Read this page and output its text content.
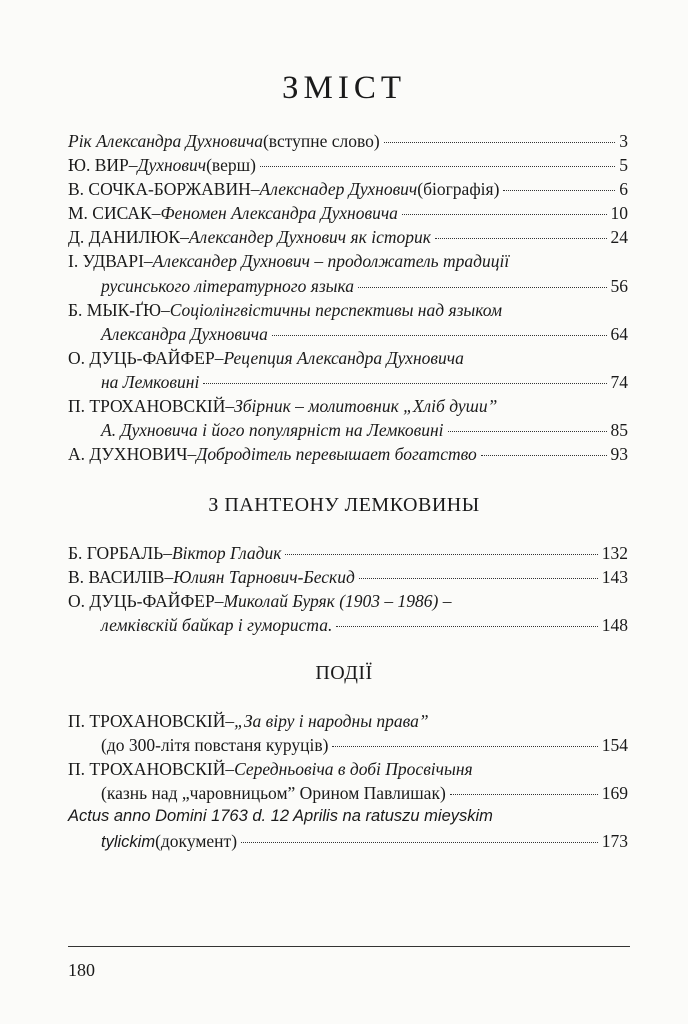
ЗМІСТ
Рік Александра Духновича (вступне слово)	3
Ю. ВИР – Духнович (верш)	5
В. СОЧКА-БОРЖАВИН – Алекснадер Духнович (біографія)	6
М. СИСАК – Феномен Александра Духновича	10
Д. ДАНИЛЮК – Александер Духнович як історик	24
І. УДВАРІ – Александер Духнович – продолжатель традиції
русинського літературного языка	56
Б. МЫК-ҐЮ – Соціолінгвістичны перспективы над языком
Александра Духновича	64
О. ДУЦЬ-ФАЙФЕР – Рецепция Александра Духновича
на Лемковині	74
П. ТРОХАНОВСКІЙ – Збірник – молитовник „Хліб души”
А. Духновича і його популярніст на Лемковині	85
А. ДУХНОВИЧ – Добродітель перевышает богатство	93
З ПАНТЕОНУ ЛЕМКОВИНЫ
Б. ГОРБАЛЬ – Віктор Гладик	132
В. ВАСИЛІВ – Юлиян Тарнович-Бескид	143
О. ДУЦЬ-ФАЙФЕР – Миколай Буряк (1903 – 1986) –
лемківскій байкар і гумориста.	148
ПОДІЇ
П. ТРОХАНОВСКІЙ – „За віру і народны права”
(до 300-літя повстаня куруців)	154
П. ТРОХАНОВСКІЙ – Середньовіча в добі Просвічыня
(казнь над „чаровницьом” Орином Павлишак)	169
Actus anno Domini 1763 d. 12 Aprilis na ratuszu mieyskim
tylickim (документ)	173
180
